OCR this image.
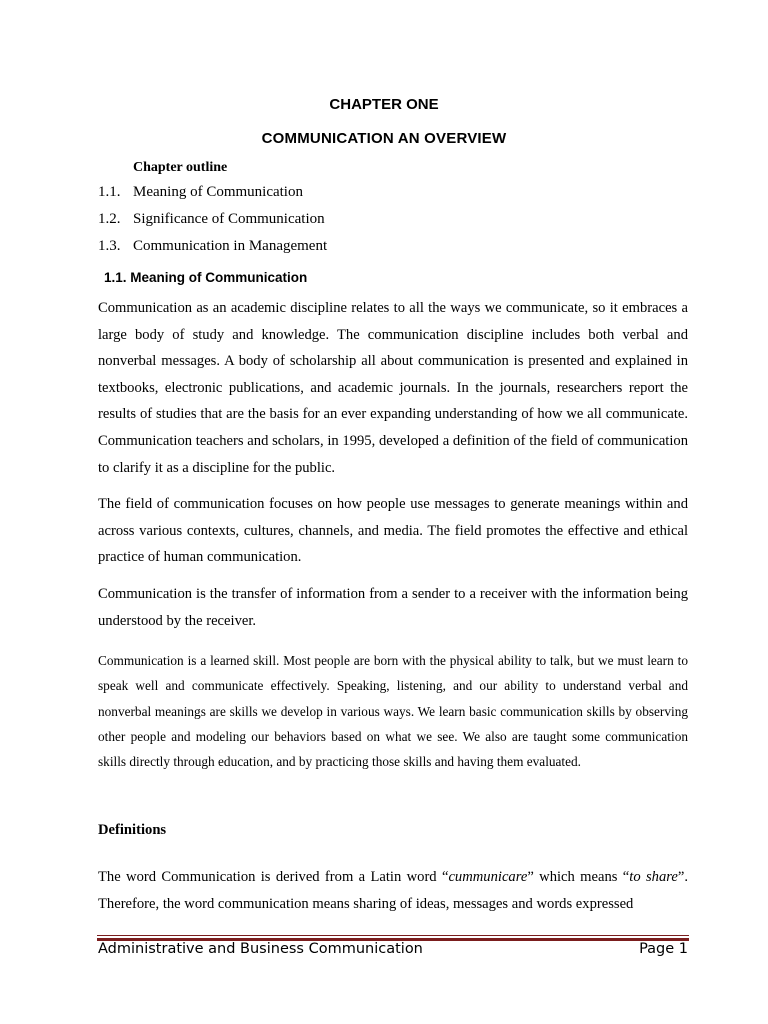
CHAPTER ONE
COMMUNICATION AN OVERVIEW
Chapter outline
1.1. Meaning of Communication
1.2. Significance of Communication
1.3. Communication in Management
1.1. Meaning of Communication
Communication as an academic discipline relates to all the ways we communicate, so it embraces a large body of study and knowledge. The communication discipline includes both verbal and nonverbal messages. A body of scholarship all about communication is presented and explained in textbooks, electronic publications, and academic journals. In the journals, researchers report the results of studies that are the basis for an ever expanding understanding of how we all communicate. Communication teachers and scholars, in 1995, developed a definition of the field of communication to clarify it as a discipline for the public.
The field of communication focuses on how people use messages to generate meanings within and across various contexts, cultures, channels, and media. The field promotes the effective and ethical practice of human communication.
Communication is the transfer of information from a sender to a receiver with the information being understood by the receiver.
Communication is a learned skill. Most people are born with the physical ability to talk, but we must learn to speak well and communicate effectively. Speaking, listening, and our ability to understand verbal and nonverbal meanings are skills we develop in various ways. We learn basic communication skills by observing other people and modeling our behaviors based on what we see. We also are taught some communication skills directly through education, and by practicing those skills and having them evaluated.
Definitions
The word Communication is derived from a Latin word “cummunicare” which means “to share”. Therefore, the word communication means sharing of ideas, messages and words expressed
Administrative and Business Communication	Page 1
